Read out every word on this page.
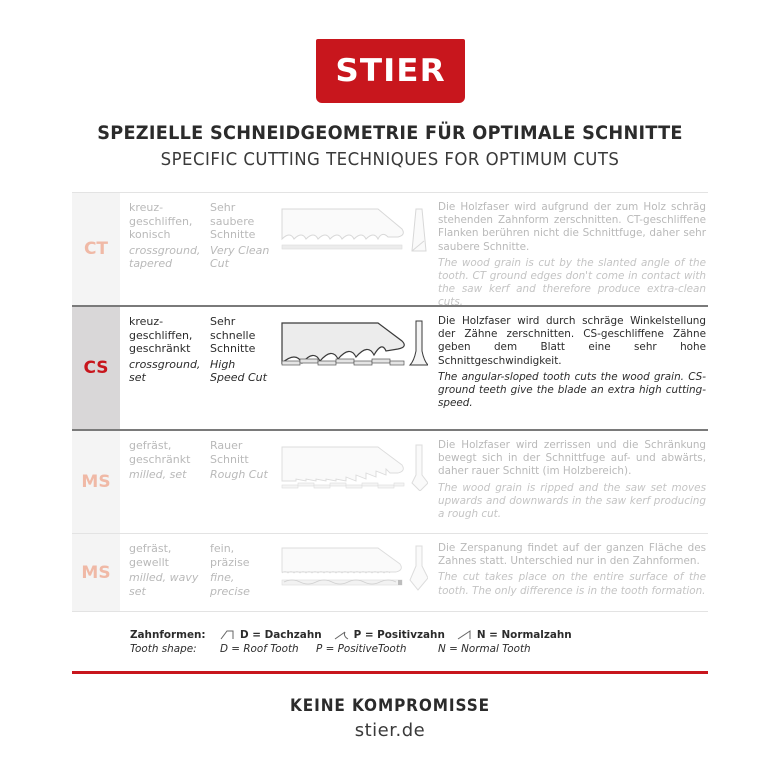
STIER
SPEZIELLE SCHNEIDGEOMETRIE FÜR OPTIMALE SCHNITTE
SPECIFIC CUTTING TECHNIQUES FOR OPTIMUM CUTS
CT
kreuz-geschliffen, konisch
crossground, tapered
Sehr saubere Schnitte
Very Clean Cut
Die Holzfaser wird aufgrund der zum Holz schräg stehenden Zahnform zerschnitten. CT-geschliffene Flanken berühren nicht die Schnittfuge, daher sehr saubere Schnitte.
The wood grain is cut by the slanted angle of the tooth. CT ground edges don't come in contact with the saw kerf and therefore produce extra-clean cuts.
CS
kreuz-geschliffen, geschränkt
crossground, set
Sehr schnelle Schnitte
High Speed Cut
Die Holzfaser wird durch schräge Winkelstellung der Zähne zerschnitten. CS-geschliffene Zähne geben dem Blatt eine sehr hohe Schnittgeschwindigkeit.
The angular-sloped tooth cuts the wood grain. CS-ground teeth give the blade an extra high cutting-speed.
MS
gefräst, geschränkt
milled, set
Rauer Schnitt
Rough Cut
Die Holzfaser wird zerrissen und die Schränkung bewegt sich in der Schnittfuge auf- und abwärts, daher rauer Schnitt (im Holzbereich).
The wood grain is ripped and the saw set moves upwards and downwards in the saw kerf producing a rough cut.
MS
gefräst, gewellt
milled, wavy set
fein, präzise
fine, precise
Die Zerspanung findet auf der ganzen Fläche des Zahnes statt. Unterschied nur in den Zahnformen.
The cut takes place on the entire surface of the tooth. The only difference is in the tooth formation.
Zahnformen:	D = Dachzahn	P = Positivzahn	N = Normalzahn
Tooth shape:	D = Roof Tooth	P = PositiveTooth	N = Normal Tooth
KEINE KOMPROMISSE
stier.de
